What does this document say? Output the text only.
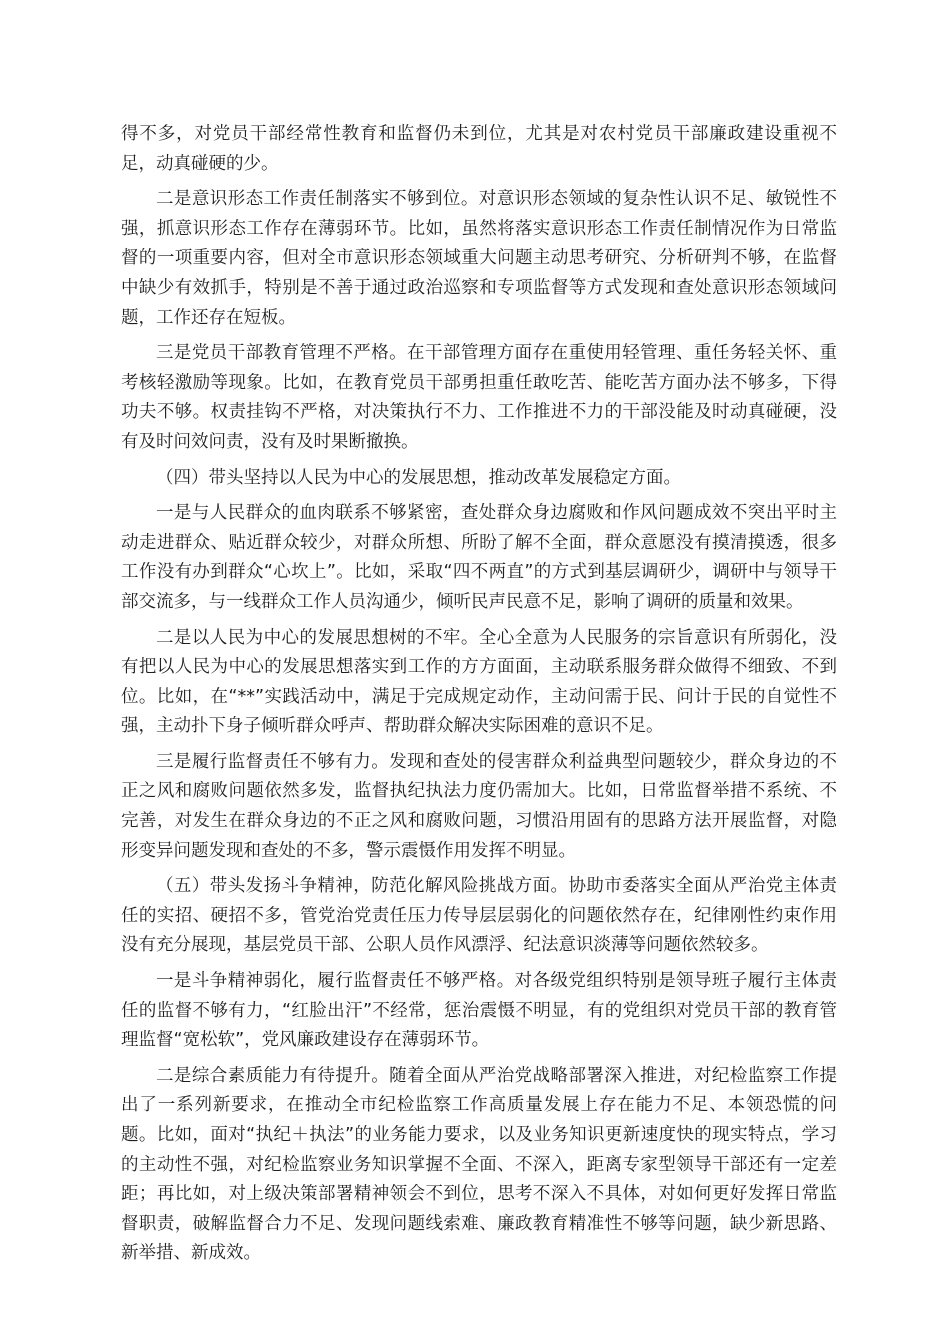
得不多，对党员干部经常性教育和监督仍未到位，尤其是对农村党员干部廉政建设重视不足，动真碰硬的少。

二是意识形态工作责任制落实不够到位。对意识形态领域的复杂性认识不足、敏锐性不强，抓意识形态工作存在薄弱环节。比如，虽然将落实意识形态工作责任制情况作为日常监督的一项重要内容，但对全市意识形态领域重大问题主动思考研究、分析研判不够，在监督中缺少有效抓手，特别是不善于通过政治巡察和专项监督等方式发现和查处意识形态领域问题，工作还存在短板。

三是党员干部教育管理不严格。在干部管理方面存在重使用轻管理、重任务轻关怀、重考核轻激励等现象。比如，在教育党员干部勇担重任敢吃苦、能吃苦方面办法不够多，下得功夫不够。权责挂钩不严格，对决策执行不力、工作推进不力的干部没能及时动真碰硬，没有及时问效问责，没有及时果断撤换。

（四）带头坚持以人民为中心的发展思想，推动改革发展稳定方面。

一是与人民群众的血肉联系不够紧密，查处群众身边腐败和作风问题成效不突出平时主动走进群众、贴近群众较少，对群众所想、所盼了解不全面，群众意愿没有摸清摸透，很多工作没有办到群众“心坎上”。比如，采取“四不两直”的方式到基层调研少，调研中与领导干部交流多，与一线群众工作人员沟通少，倾听民声民意不足，影响了调研的质量和效果。

二是以人民为中心的发展思想树的不牢。全心全意为人民服务的宗旨意识有所弱化，没有把以人民为中心的发展思想落实到工作的方方面面，主动联系服务群众做得不细致、不到位。比如，在“**”实践活动中，满足于完成规定动作，主动问需于民、问计于民的自觉性不强，主动扑下身子倾听群众呼声、帮助群众解决实际困难的意识不足。

三是履行监督责任不够有力。发现和查处的侵害群众利益典型问题较少，群众身边的不正之风和腐败问题依然多发，监督执纪执法力度仍需加大。比如，日常监督举措不系统、不完善，对发生在群众身边的不正之风和腐败问题，习惯沿用固有的思路方法开展监督，对隐形变异问题发现和查处的不多，警示震慑作用发挥不明显。

（五）带头发扬斗争精神，防范化解风险挑战方面。协助市委落实全面从严治党主体责任的实招、硬招不多，管党治党责任压力传导层层弱化的问题依然存在，纪律刚性约束作用没有充分展现，基层党员干部、公职人员作风漂浮、纪法意识淡薄等问题依然较多。

一是斗争精神弱化，履行监督责任不够严格。对各级党组织特别是领导班子履行主体责任的监督不够有力，“红脸出汗”不经常，惩治震慑不明显，有的党组织对党员干部的教育管理监督“宽松软”，党风廉政建设存在薄弱环节。

二是综合素质能力有待提升。随着全面从严治党战略部署深入推进，对纪检监察工作提出了一系列新要求，在推动全市纪检监察工作高质量发展上存在能力不足、本领恐慌的问题。比如，面对“执纪＋执法”的业务能力要求，以及业务知识更新速度快的现实特点，学习的主动性不强，对纪检监察业务知识掌握不全面、不深入，距离专家型领导干部还有一定差距；再比如，对上级决策部署精神领会不到位，思考不深入不具体，对如何更好发挥日常监督职责，破解监督合力不足、发现问题线索难、廉政教育精准性不够等问题，缺少新思路、新举措、新成效。
